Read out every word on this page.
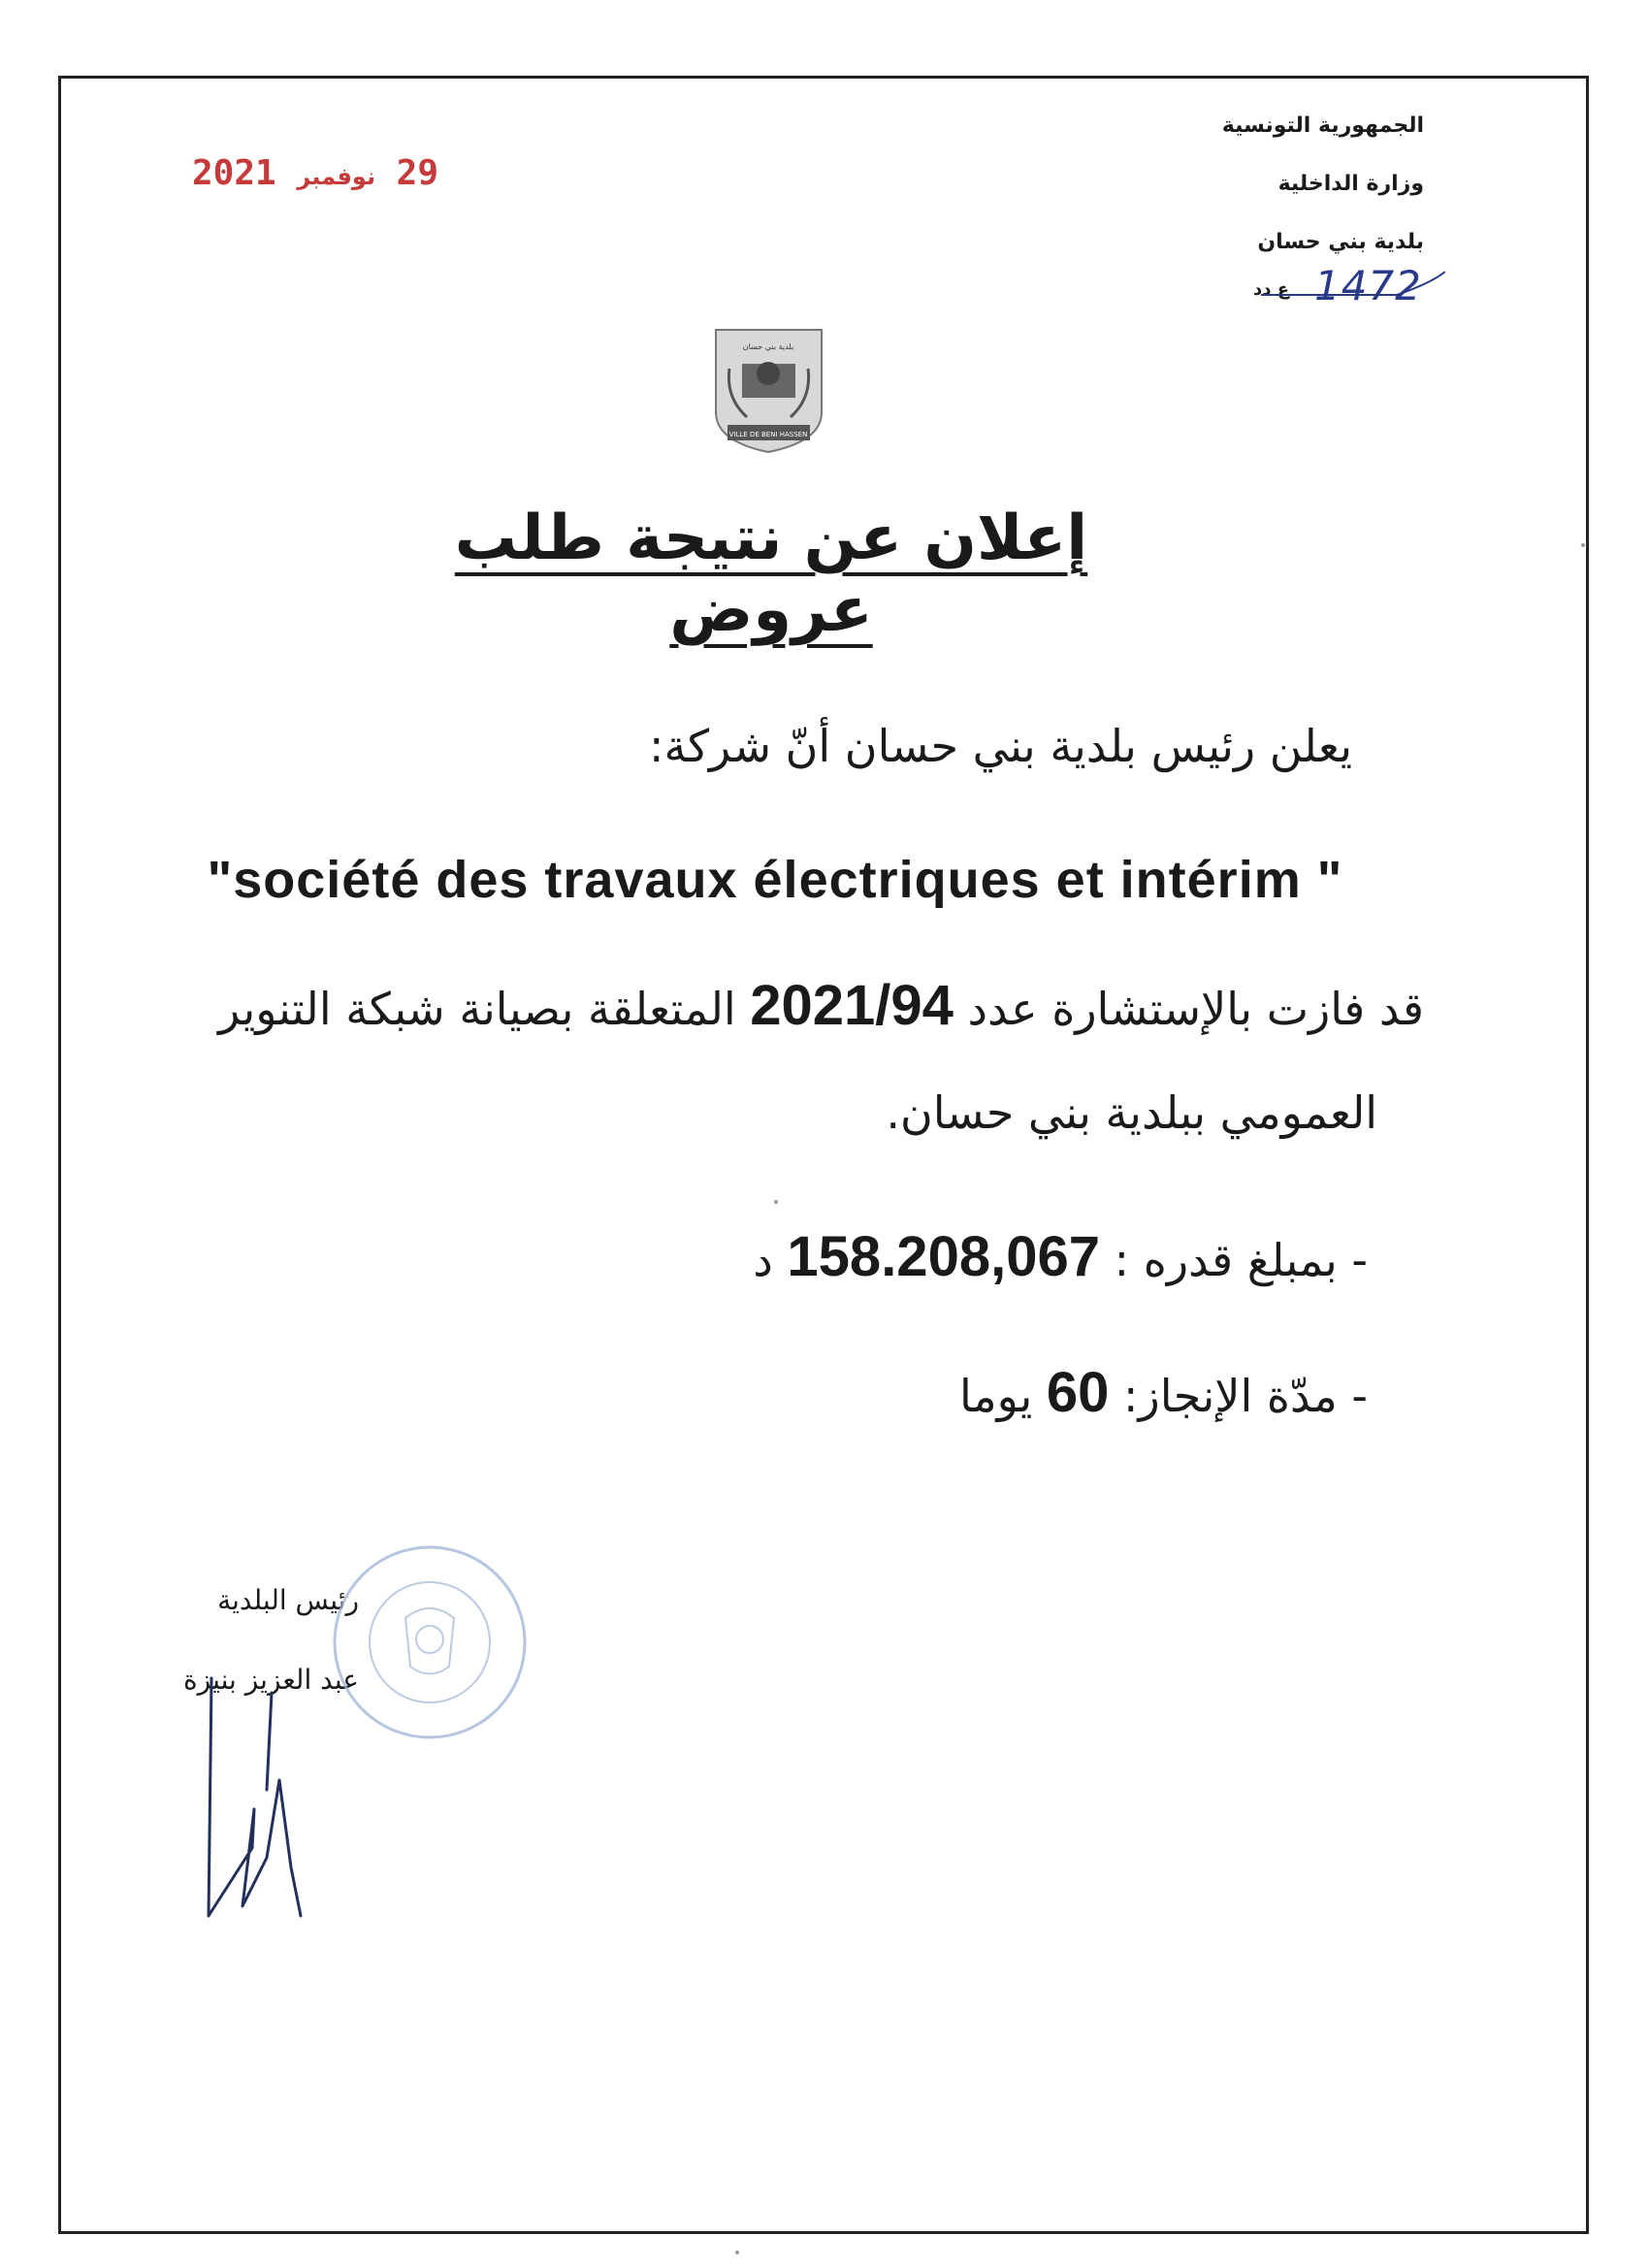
الجمهورية التونسية
وزارة الداخلية
بلدية بني حسان
ع دد 1472
29 نوفمبر 2021
بلدية بني حسان
VILLE DE BENI HASSEN
إعلان عن نتيجة طلب عروض
يعلن رئيس بلدية بني حسان أنّ شركة:
"société des travaux électriques et intérim "
قد فازت بالإستشارة عدد 2021/94 المتعلقة بصيانة شبكة التنوير
العمومي ببلدية بني حسان.
- بمبلغ قدره : 158.208,067 د
- مدّة الإنجاز: 60 يوما
رئيس البلدية
عبد العزيز بنيزة
